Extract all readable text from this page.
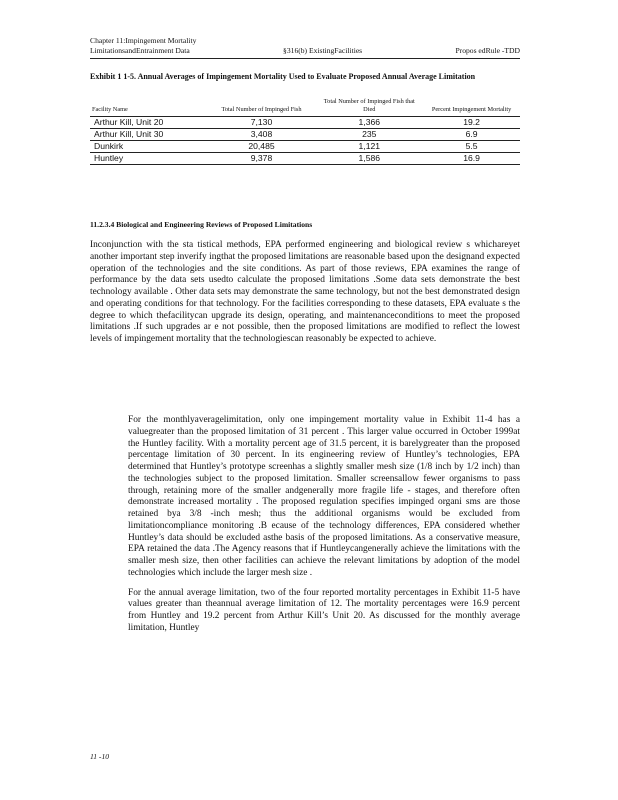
Chapter 11:Impingement Mortality
LimitationsandEntrainment Data	§316(b) ExistingFacilities	Propos edRule -TDD
Exhibit 1 1-5. Annual Averages of Impingement Mortality Used to Evaluate Proposed Annual Average Limitation
Facility Name	Total Number of Impinged Fish	Total Number of Impinged Fish that Died	Percent Impingement Mortality
Arthur Kill, Unit 20	7,130	1,366	19.2
Arthur Kill, Unit 30	3,408	235	6.9
Dunkirk	20,485	1,121	5.5
Huntley	9,378	1,586	16.9
11.2.3.4 Biological and Engineering Reviews of Proposed Limitations

Inconjunction with the sta tistical methods, EPA performed engineering and biological review s whichareyet another important step inverify ingthat the proposed limitations are reasonable based upon the designand expected operation of the technologies and the site conditions. As part of those reviews, EPA examines the range of performance by the data sets usedto calculate the proposed limitations .Some data sets demonstrate the best technology available . Other data sets may demonstrate the same technology, but not the best demonstrated design and operating conditions for that technology. For the facilities corresponding to these datasets, EPA evaluate s the degree to which thefacilitycan upgrade its design, operating, and maintenanceconditions to meet the proposed limitations .If such upgrades ar e not possible, then the proposed limitations are modified to reflect the lowest levels of impingement mortality that the technologiescan reasonably be expected to achieve.

For the monthlyaveragelimitation, only one impingement mortality value in Exhibit 11-4 has a valuegreater than the proposed limitation of 31 percent . This larger value occurred in October 1999at the Huntley facility. With a mortality percent age of 31.5 percent, it is barelygreater than the proposed percentage limitation of 30 percent. In its engineering review of Huntley’s technologies, EPA determined that Huntley’s prototype screenhas a slightly smaller mesh size (1/8 inch by 1/2 inch) than the technologies subject to the proposed limitation. Smaller screensallow fewer organisms to pass through, retaining more of the smaller andgenerally more fragile life - stages, and therefore often demonstrate increased mortality . The proposed regulation specifies impinged organi sms are those retained bya 3/8 -inch mesh; thus the additional organisms would be excluded from limitationcompliance monitoring .B ecause of the technology differences, EPA considered whether Huntley’s data should be excluded asthe basis of the proposed limitations. As a conservative measure, EPA retained the data .The Agency reasons that if Huntleycangenerally achieve the limitations with the smaller mesh size, then other facilities can achieve the relevant limitations by adoption of the model technologies which include the larger mesh size .
For the annual average limitation, two of the four reported mortality percentages in Exhibit 11-5 have values greater than theannual average limitation of 12. The mortality percentages were 16.9 percent from Huntley and 19.2 percent from Arthur Kill’s Unit 20. As discussed for the monthly average limitation, Huntley
11 -10
